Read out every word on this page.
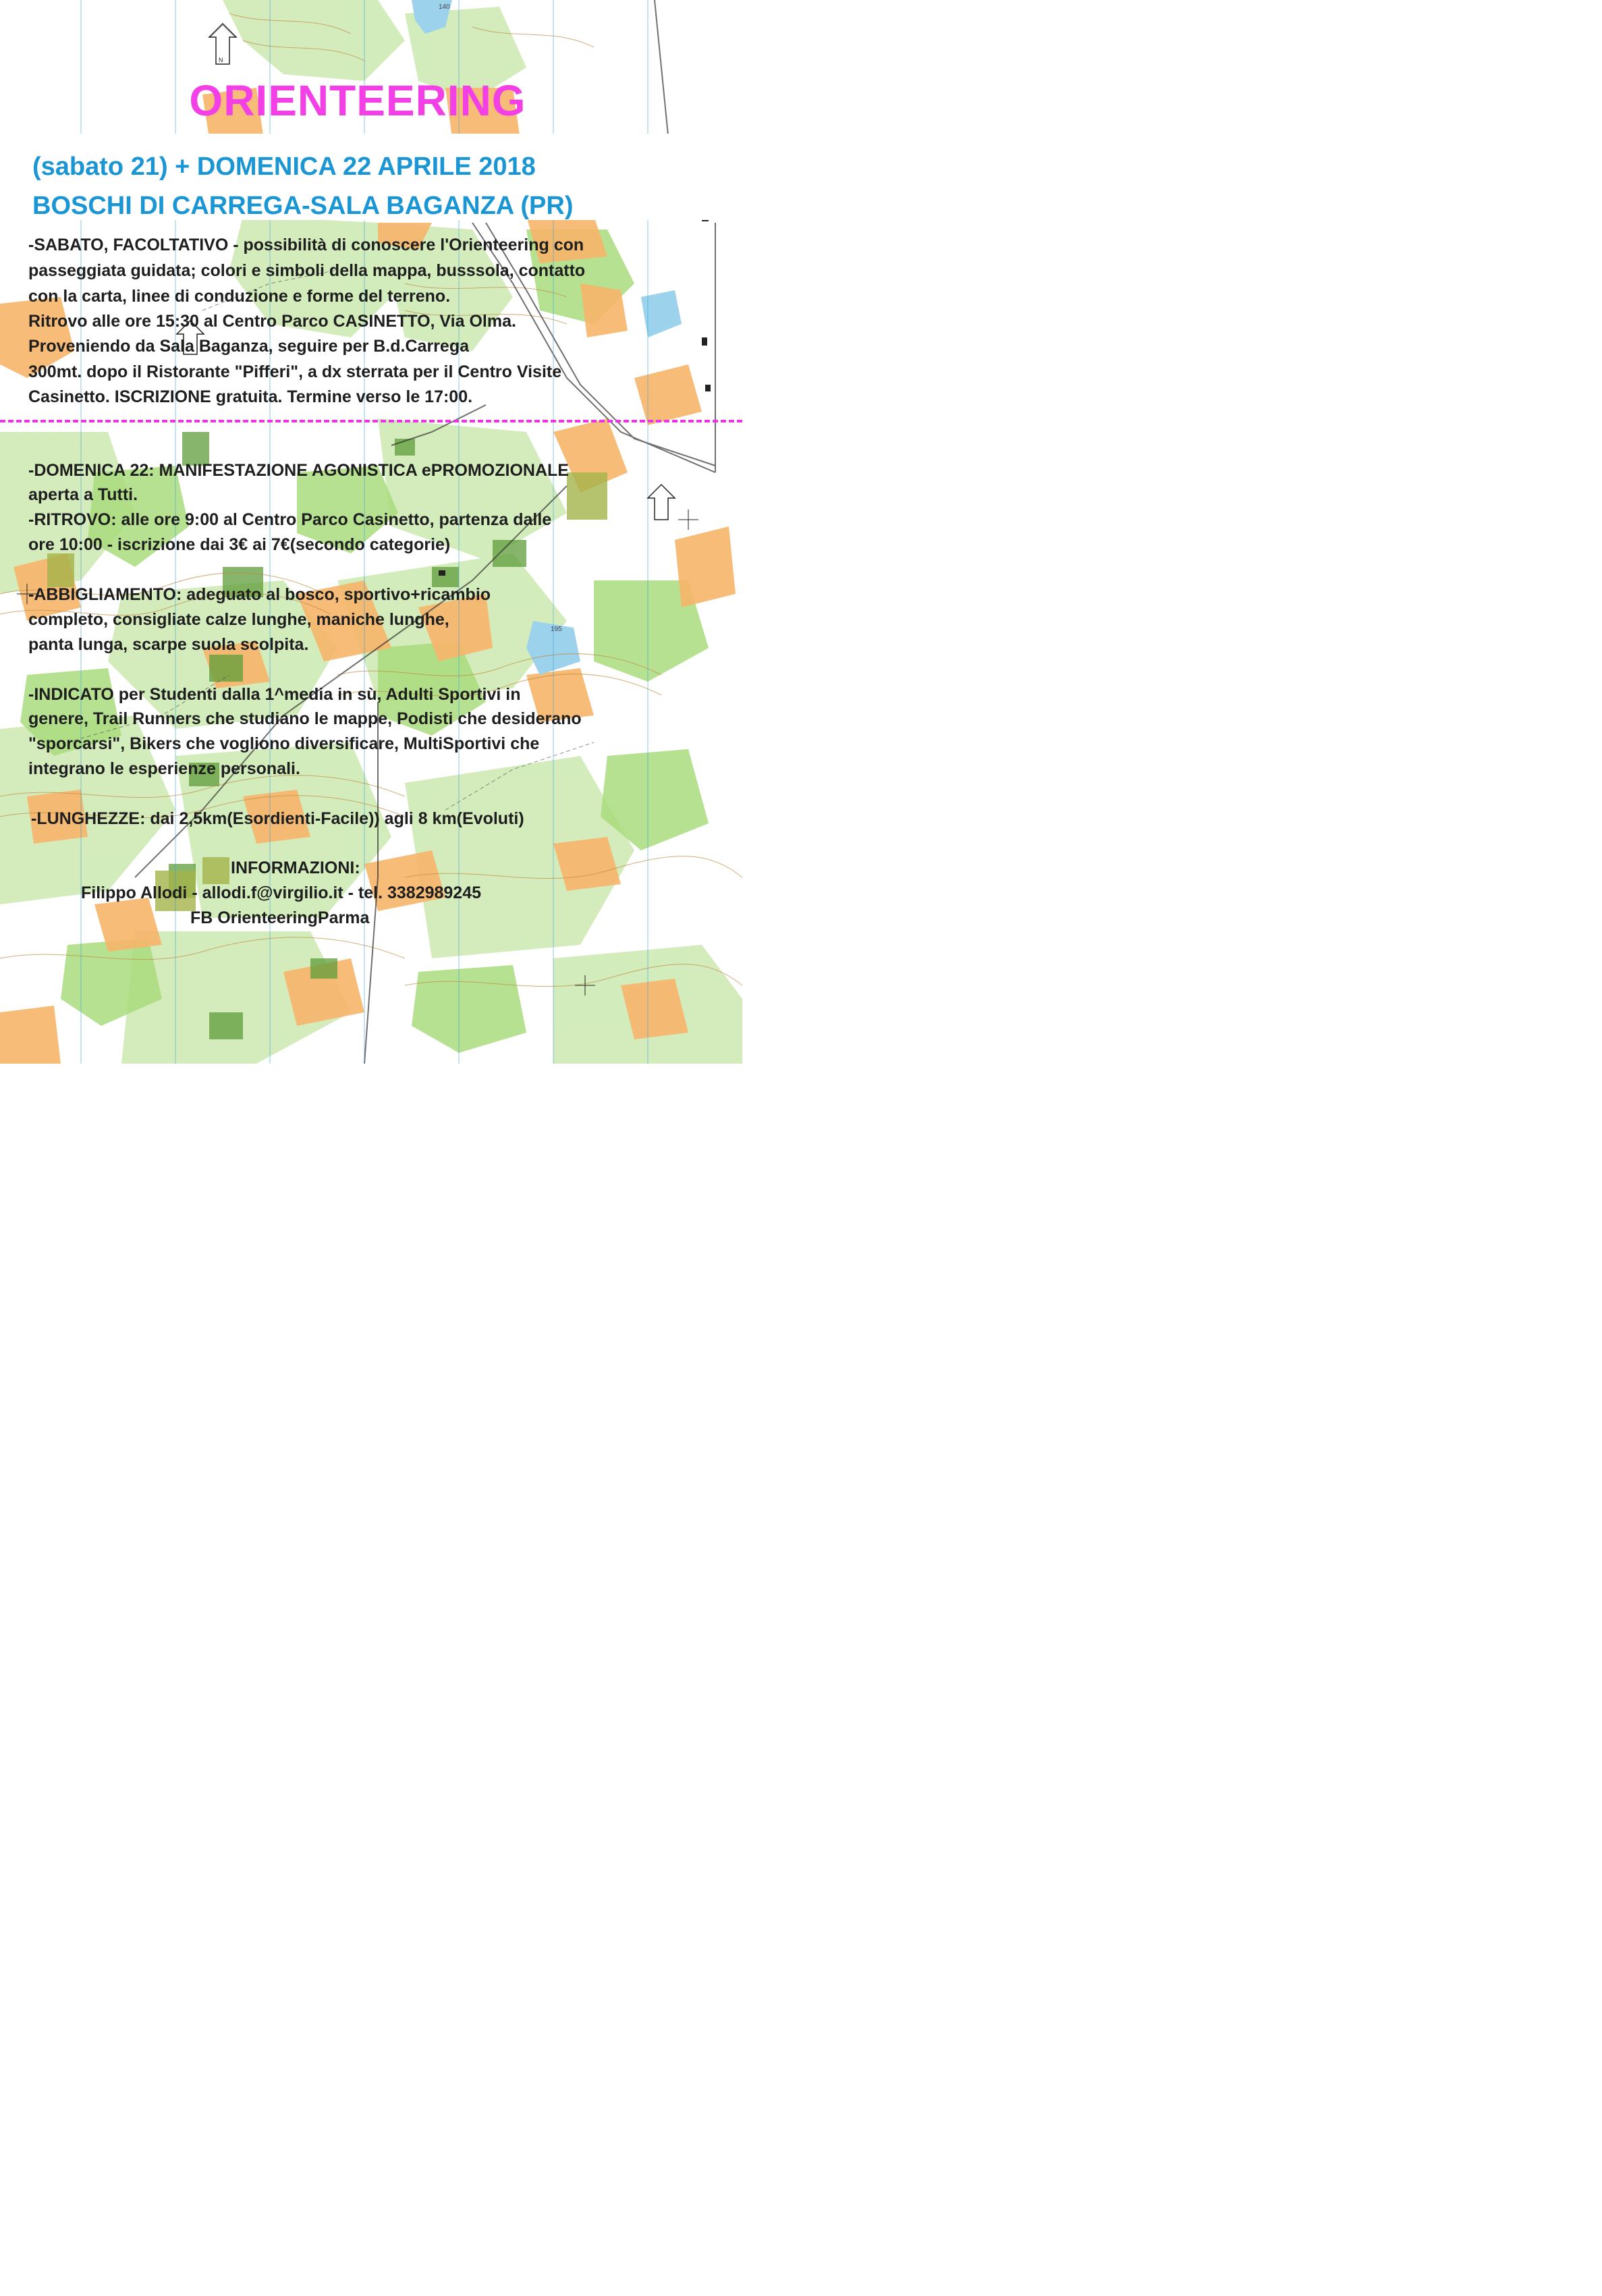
140
195
N
ORIENTEERING
(sabato 21) + DOMENICA 22 APRILE 2018
BOSCHI DI CARREGA-SALA BAGANZA (PR)
-SABATO, FACOLTATIVO - possibilità di conoscere l'Orienteering con
passeggiata guidata; colori e simboli della mappa, busssola, contatto
con la carta, linee di conduzione e forme del terreno.
Ritrovo alle ore 15:30 al Centro Parco CASINETTO, Via Olma.
Proveniendo da Sala Baganza, seguire per B.d.Carrega
300mt. dopo il Ristorante "Pifferi", a dx sterrata per il Centro Visite
Casinetto. ISCRIZIONE gratuita. Termine verso le 17:00.
-DOMENICA 22: MANIFESTAZIONE AGONISTICA ePROMOZIONALE
aperta a Tutti.
-RITROVO: alle ore 9:00 al Centro Parco Casinetto, partenza dalle
ore 10:00 - iscrizione dai 3€ ai 7€(secondo categorie)
-ABBIGLIAMENTO: adeguato al bosco, sportivo+ricambio
completo, consigliate calze lunghe, maniche lunghe,
panta lunga, scarpe suola scolpita.
-INDICATO per Studenti dalla 1^media in sù, Adulti Sportivi in
genere, Trail Runners che studiano le mappe, Podisti che desiderano
"sporcarsi", Bikers che vogliono diversificare, MultiSportivi che
integrano le esperienze personali.
-LUNGHEZZE: dai 2,5km(Esordienti-Facile)) agli 8 km(Evoluti)
INFORMAZIONI:
Filippo Allodi - allodi.f@virgilio.it - tel. 3382989245
FB OrienteeringParma
